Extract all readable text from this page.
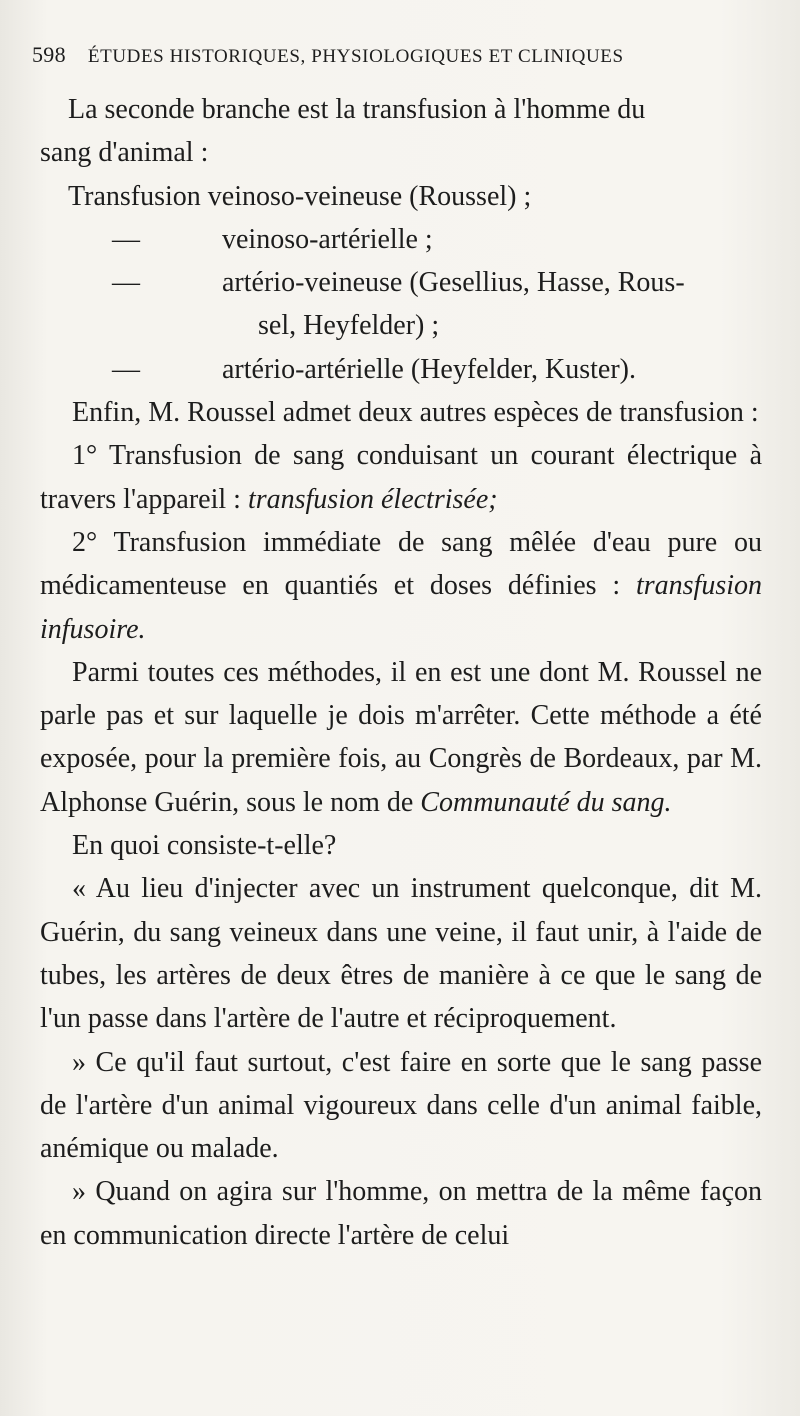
598 ÉTUDES HISTORIQUES, PHYSIOLOGIQUES ET CLINIQUES

La seconde branche est la transfusion à l'homme du

sang d'animal :

Transfusion veinoso-veineuse (Roussel) ;

—	veinoso-artérielle ;

—	artério-veineuse (Gesellius, Hasse, Rous-

sel, Heyfelder) ;

—	artério-artérielle (Heyfelder, Kuster).

Enfin, M. Roussel admet deux autres espèces de transfusion :

1° Transfusion de sang conduisant un courant électrique à travers l'appareil : transfusion électrisée;

2° Transfusion immédiate de sang mêlée d'eau pure ou médicamenteuse en quantiés et doses définies : transfusion infusoire.

Parmi toutes ces méthodes, il en est une dont M. Roussel ne parle pas et sur laquelle je dois m'arrêter. Cette méthode a été exposée, pour la première fois, au Congrès de Bordeaux, par M. Alphonse Guérin, sous le nom de Communauté du sang.

En quoi consiste-t-elle?

« Au lieu d'injecter avec un instrument quelconque, dit M. Guérin, du sang veineux dans une veine, il faut unir, à l'aide de tubes, les artères de deux êtres de manière à ce que le sang de l'un passe dans l'artère de l'autre et réciproquement.

» Ce qu'il faut surtout, c'est faire en sorte que le sang passe de l'artère d'un animal vigoureux dans celle d'un animal faible, anémique ou malade.

» Quand on agira sur l'homme, on mettra de la même façon en communication directe l'artère de celui
